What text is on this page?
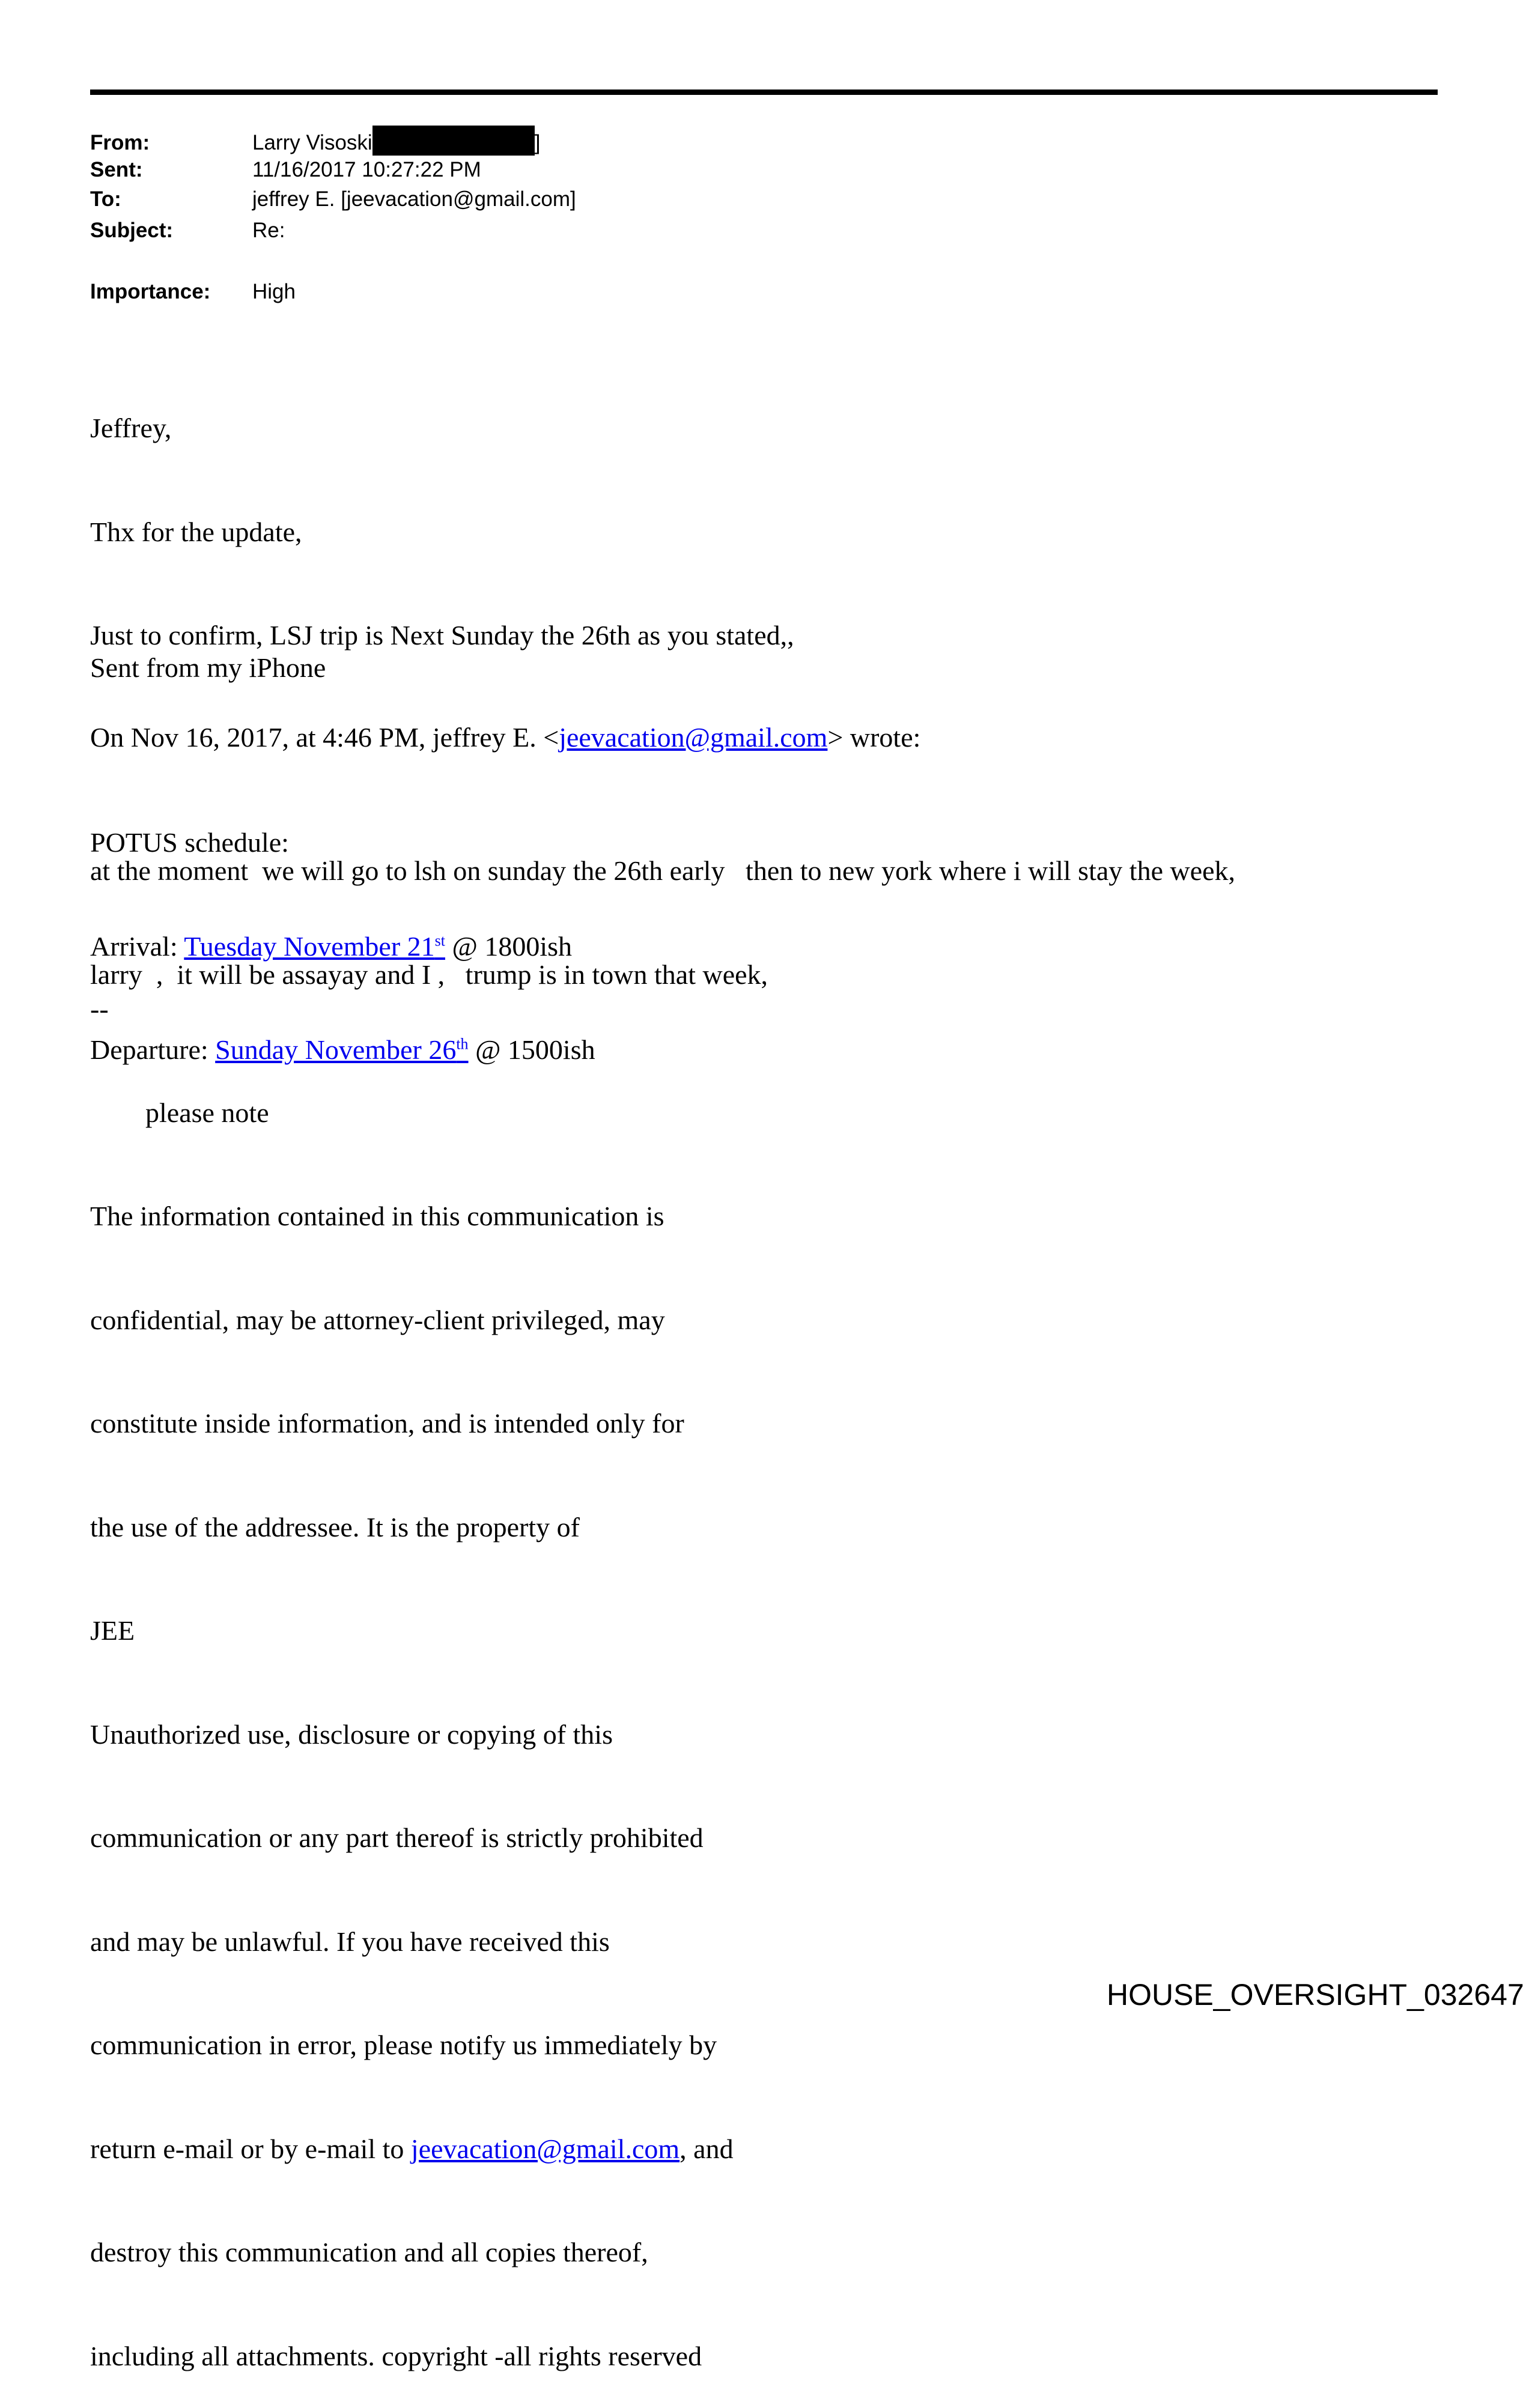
From:	Larry Visoski	]
Sent:	11/16/2017 10:27:22 PM
To:	jeffrey E. [jeevacation@gmail.com]
Subject:	Re:
Importance: High

Jeffrey,

Thx for the update,

Just to confirm, LSJ trip is Next Sunday the 26th as you stated,,

POTUS schedule:

Arrival: Tuesday November 21st @ 1800ish

Departure: Sunday November 26th @ 1500ish

Sent from my iPhone
On Nov 16, 2017, at 4:46 PM, jeffrey E. <jeevacation@gmail.com> wrote:

at the moment  we will go to lsh on sunday the 26th early   then to new york where i will stay the week,

larry  ,  it will be assayay and I ,   trump is in town that week,

--

please note

The information contained in this communication is

confidential, may be attorney-client privileged, may

constitute inside information, and is intended only for

the use of the addressee. It is the property of

JEE

Unauthorized use, disclosure or copying of this

communication or any part thereof is strictly prohibited

and may be unlawful. If you have received this

communication in error, please notify us immediately by

return e-mail or by e-mail to jeevacation@gmail.com, and

destroy this communication and all copies thereof,

including all attachments. copyright -all rights reserved

HOUSE_OVERSIGHT_032647
